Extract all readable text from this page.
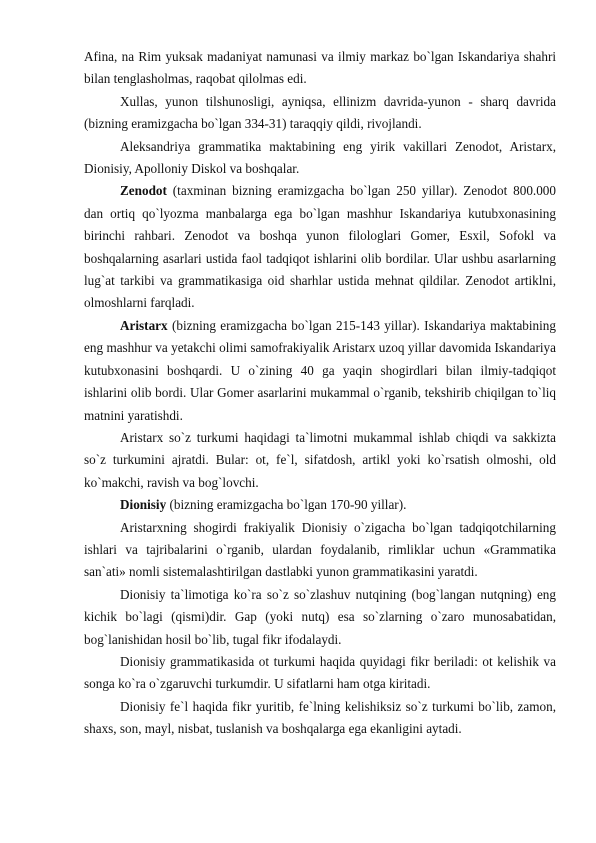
Afina, na Rim yuksak madaniyat namunasi va ilmiy markaz bo`lgan Iskandariya shahri bilan tenglasholmas, raqobat qilolmas edi.

Xullas, yunon tilshunosligi, ayniqsa, ellinizm davrida-yunon - sharq davrida (bizning eramizgacha bo`lgan 334-31) taraqqiy qildi, rivojlandi.

Aleksandriya grammatika maktabining eng yirik vakillari Zenodot, Aristarx, Dionisiy, Apolloniy Diskol va boshqalar.

Zenodot (taxminan bizning eramizgacha bo`lgan 250 yillar). Zenodot 800.000 dan ortiq qo`lyozma manbalarga ega bo`lgan mashhur Iskandariya kutubxonasining birinchi rahbari. Zenodot va boshqa yunon filologlari Gomer, Esxil, Sofokl va boshqalarning asarlari ustida faol tadqiqot ishlarini olib bordilar. Ular ushbu asarlarning lug`at tarkibi va grammatikasiga oid sharhlar ustida mehnat qildilar. Zenodot artiklni, olmoshlarni farqladi.

Aristarx (bizning eramizgacha bo`lgan 215-143 yillar). Iskandariya maktabining eng mashhur va yetakchi olimi samofrakiyalik Aristarx uzoq yillar davomida Iskandariya kutubxonasini boshqardi. U o`zining 40 ga yaqin shogirdlari bilan ilmiy-tadqiqot ishlarini olib bordi. Ular Gomer asarlarini mukammal o`rganib, tekshirib chiqilgan to`liq matnini yaratishdi.

Aristarx so`z turkumi haqidagi ta`limotni mukammal ishlab chiqdi va sakkizta so`z turkumini ajratdi. Bular: ot, fe`l, sifatdosh, artikl yoki ko`rsatish olmoshi, old ko`makchi, ravish va bog`lovchi.

Dionisiy (bizning eramizgacha bo`lgan 170-90 yillar).

Aristarxning shogirdi frakiyalik Dionisiy o`zigacha bo`lgan tadqiqotchilarning ishlari va tajribalarini o`rganib, ulardan foydalanib, rimliklar uchun «Grammatika san`ati» nomli sistemalashtirilgan dastlabki yunon grammatikasini yaratdi.

Dionisiy ta`limotiga ko`ra so`z so`zlashuv nutqining (bog`langan nutqning) eng kichik bo`lagi (qismi)dir. Gap (yoki nutq) esa so`zlarning o`zaro munosabatidan, bog`lanishidan hosil bo`lib, tugal fikr ifodalaydi.

Dionisiy grammatikasida ot turkumi haqida quyidagi fikr beriladi: ot kelishik va songa ko`ra o`zgaruvchi turkumdir. U sifatlarni ham otga kiritadi.

Dionisiy fe`l haqida fikr yuritib, fe`lning kelishiksiz so`z turkumi bo`lib, zamon, shaxs, son, mayl, nisbat, tuslanish va boshqalarga ega ekanligini aytadi.
